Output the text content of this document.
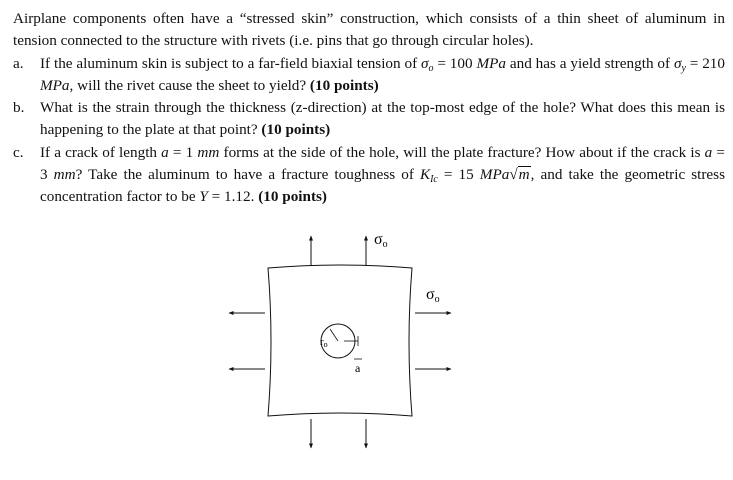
Airplane components often have a “stressed skin” construction, which consists of a thin sheet of aluminum in tension connected to the structure with rivets (i.e. pins that go through circular holes).

a. If the aluminum skin is subject to a far-field biaxial tension of $\sigma_o = 100$ MPa and has a yield strength of $\sigma_y = 210$ MPa, will the rivet cause the sheet to yield? (10 points)

b. What is the strain through the thickness (z-direction) at the top-most edge of the hole? What does this mean is happening to the plate at that point? (10 points)

c. If a crack of length a = 1 mm forms at the side of the hole, will the plate fracture? How about if the crack is a = 3 mm? Take the aluminum to have a fracture toughness of $K_{Ic} = 15$ MPa√m, and take the geometric stress concentration factor to be Y = 1.12. (10 points)

ro
a
σo
σo
